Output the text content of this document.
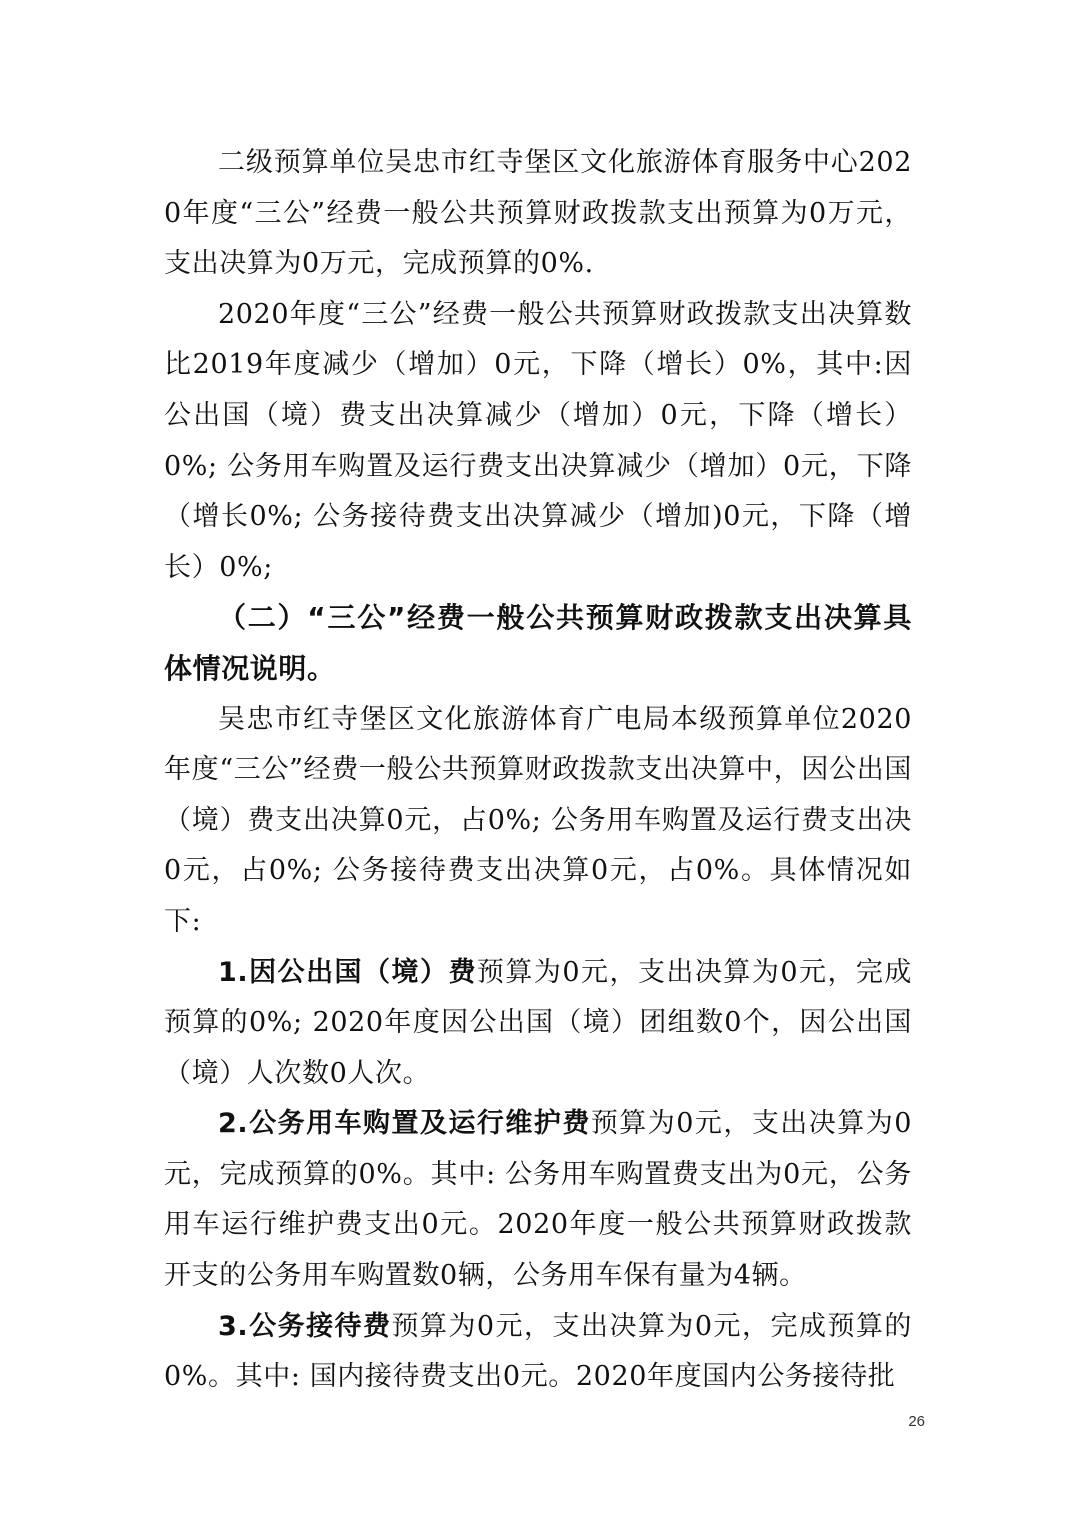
二级预算单位吴忠市红寺堡区文化旅游体育服务中心2020年度“三公”经费一般公共预算财政拨款支出预算为0万元，支出决算为0万元，完成预算的0%.

2020年度“三公”经费一般公共预算财政拨款支出决算数比2019年度减少（增加）0元，下降（增长）0%，其中:因公出国（境）费支出决算减少（增加）0元，下降（增长）0%; 公务用车购置及运行费支出决算减少（增加）0元，下降（增长0%; 公务接待费支出决算减少（增加)0元，下降（增长）0%;

（二）“三公”经费一般公共预算财政拨款支出决算具体情况说明。

吴忠市红寺堡区文化旅游体育广电局本级预算单位2020年度“三公”经费一般公共预算财政拨款支出决算中，因公出国（境）费支出决算0元，占0%; 公务用车购置及运行费支出决0元，占0%; 公务接待费支出决算0元，占0%。具体情况如下:

1.因公出国（境）费预算为0元，支出决算为0元，完成预算的0%; 2020年度因公出国（境）团组数0个，因公出国（境）人次数0人次。

2.公务用车购置及运行维护费预算为0元，支出决算为0元，完成预算的0%。其中: 公务用车购置费支出为0元，公务用车运行维护费支出0元。2020年度一般公共预算财政拨款开支的公务用车购置数0辆，公务用车保有量为4辆。

3.公务接待费预算为0元，支出决算为0元，完成预算的0%。其中: 国内接待费支出0元。2020年度国内公务接待批

26
